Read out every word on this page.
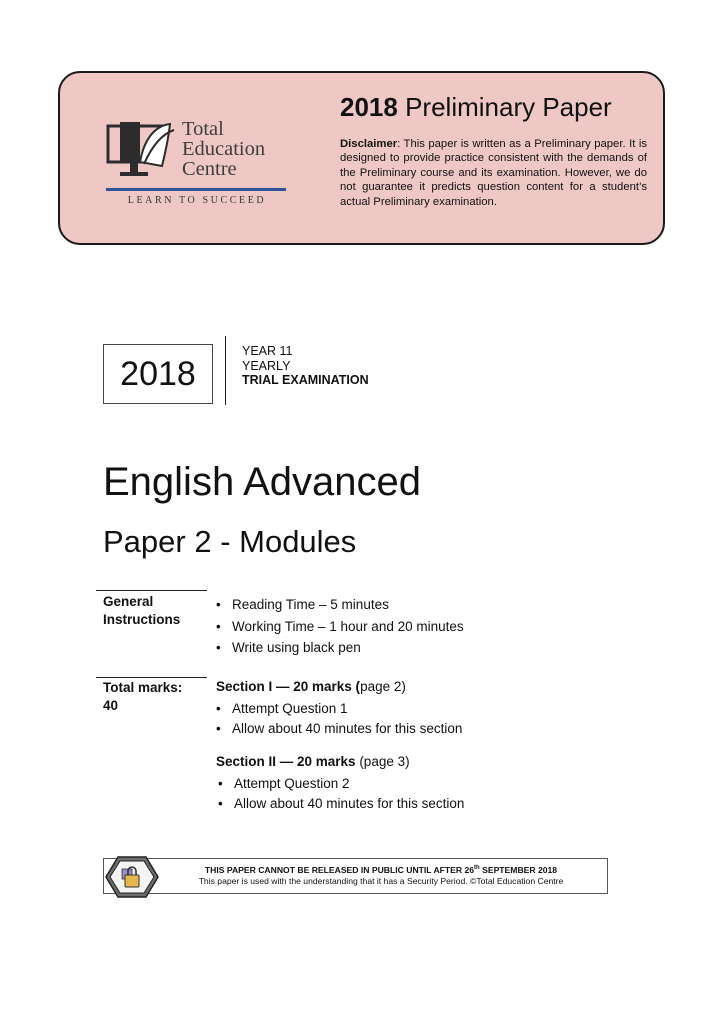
Total
Education
Centre
LEARN TO SUCCEED
2018 Preliminary Paper
Disclaimer: This paper is written as a Preliminary paper. It is designed to provide practice consistent with the demands of the Preliminary course and its examination. However, we do not guarantee it predicts question content for a student’s actual Preliminary examination.
2018
YEAR 11
YEARLY
TRIAL EXAMINATION
English Advanced
Paper 2 - Modules
General
Instructions
• Reading Time – 5 minutes
• Working Time – 1 hour and 20 minutes
• Write using black pen
Total marks:
40
Section I — 20 marks (page 2)
• Attempt Question 1
• Allow about 40 minutes for this section
Section II — 20 marks (page 3)
• Attempt Question 2
• Allow about 40 minutes for this section
THIS PAPER CANNOT BE RELEASED IN PUBLIC UNTIL AFTER 26th SEPTEMBER 2018
This paper is used with the understanding that it has a Security Period. ©Total Education Centre
